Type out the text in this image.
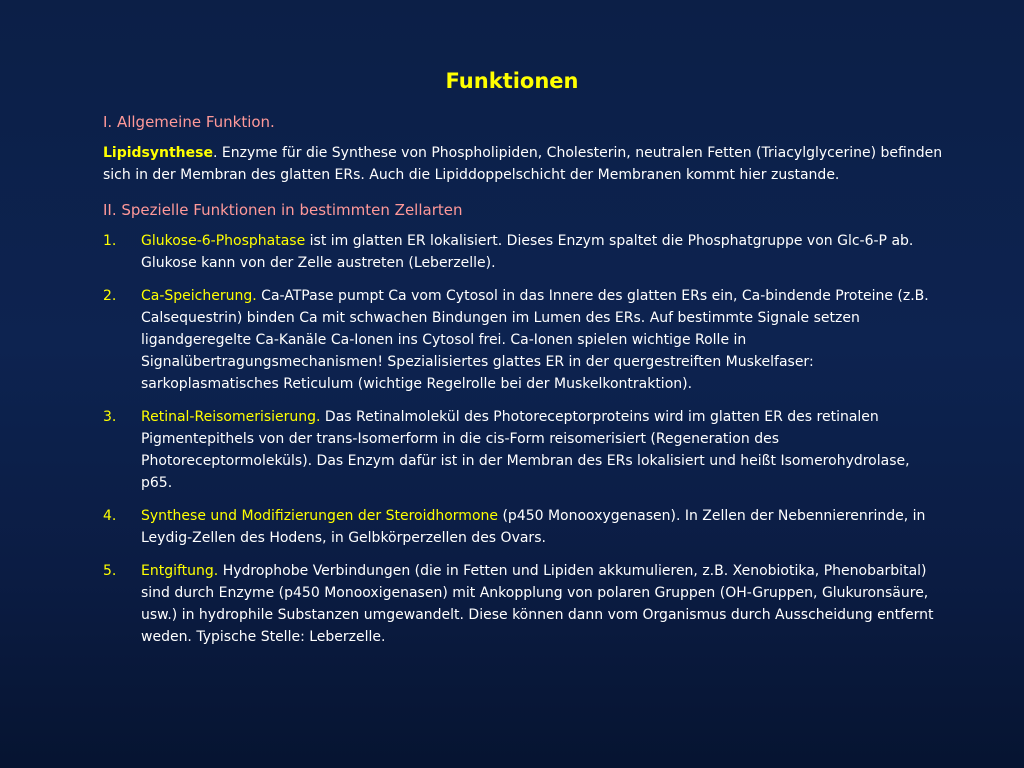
Funktionen
I. Allgemeine Funktion.
Lipidsynthese. Enzyme für die Synthese von Phospholipiden, Cholesterin, neutralen Fetten (Triacylglycerine) befinden sich in der Membran des glatten ERs. Auch die Lipiddoppelschicht der Membranen kommt hier zustande.
II. Spezielle Funktionen in bestimmten Zellarten
1. Glukose-6-Phosphatase ist im glatten ER lokalisiert. Dieses Enzym spaltet die Phosphatgruppe von Glc-6-P ab. Glukose kann von der Zelle austreten (Leberzelle).
2. Ca-Speicherung. Ca-ATPase pumpt Ca vom Cytosol in das Innere des glatten ERs ein, Ca-bindende Proteine (z.B. Calsequestrin) binden Ca mit schwachen Bindungen im Lumen des ERs. Auf bestimmte Signale setzen ligandgeregelte Ca-Kanäle Ca-Ionen ins Cytosol frei. Ca-Ionen spielen wichtige Rolle in Signalübertragungsmechanismen! Spezialisiertes glattes ER in der quergestreiften Muskelfaser: sarkoplasmatisches Reticulum (wichtige Regelrolle bei der Muskelkontraktion).
3. Retinal-Reisomerisierung. Das Retinalmolekül des Photoreceptorproteins wird im glatten ER des retinalen Pigmentepithels von der trans-Isomerform in die cis-Form reisomerisiert (Regeneration des Photoreceptormoleküls). Das Enzym dafür ist in der Membran des ERs lokalisiert und heißt Isomerohydrolase, p65.
4. Synthese und Modifizierungen der Steroidhormone (p450 Monooxygenasen). In Zellen der Nebennierenrinde, in Leydig-Zellen des Hodens, in Gelbkörperzellen des Ovars.
5. Entgiftung. Hydrophobe Verbindungen (die in Fetten und Lipiden akkumulieren, z.B. Xenobiotika, Phenobarbital) sind durch Enzyme (p450 Monooxigenasen) mit Ankopplung von polaren Gruppen (OH-Gruppen, Glukuronsäure, usw.) in hydrophile Substanzen umgewandelt. Diese können dann vom Organismus durch Ausscheidung entfernt weden. Typische Stelle: Leberzelle.
